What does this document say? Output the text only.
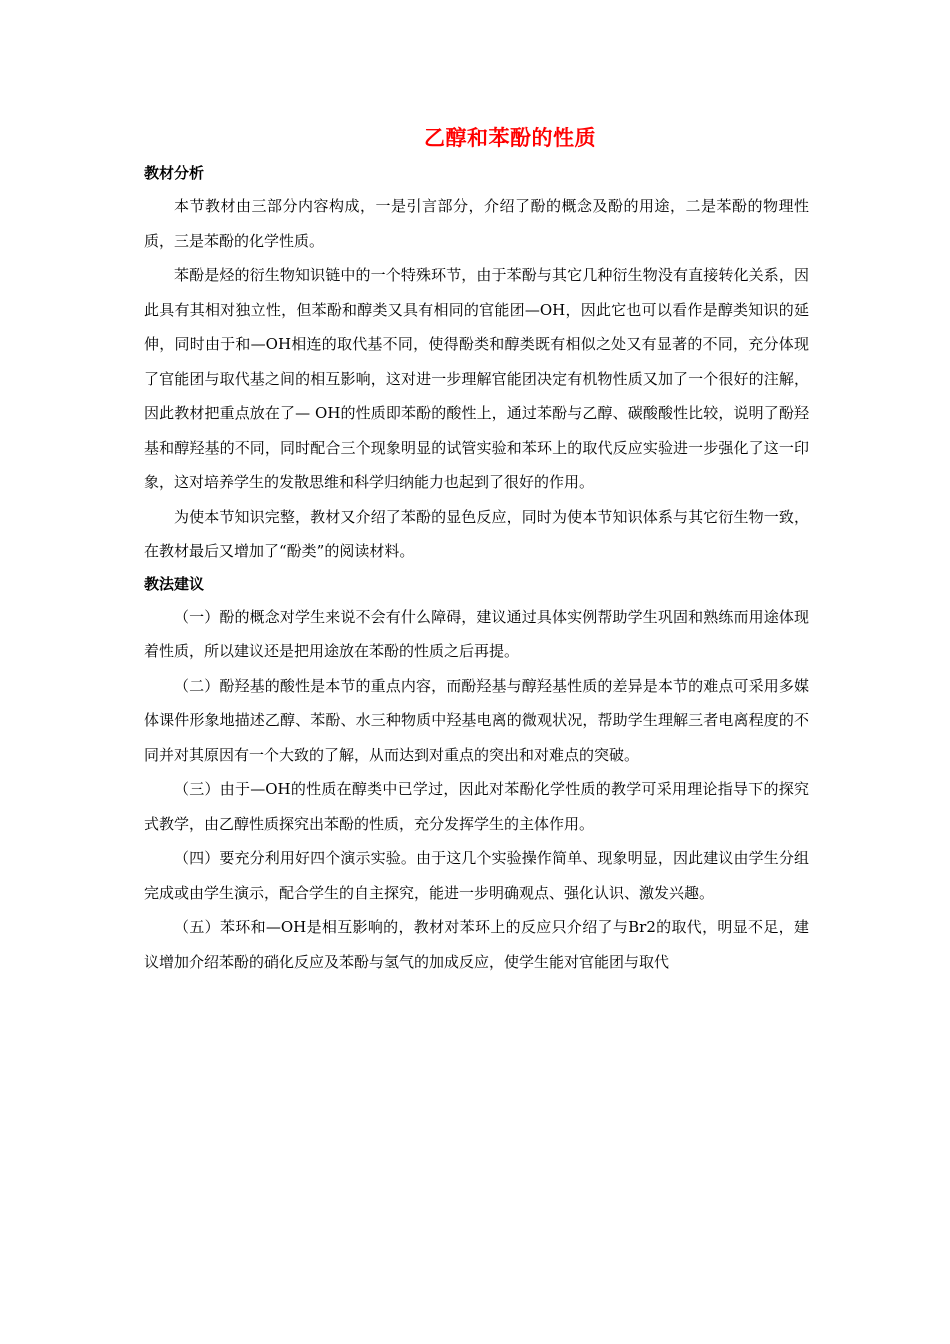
乙醇和苯酚的性质
教材分析

本节教材由三部分内容构成，一是引言部分，介绍了酚的概念及酚的用途，二是苯酚的物理性质，三是苯酚的化学性质。

苯酚是烃的衍生物知识链中的一个特殊环节，由于苯酚与其它几种衍生物没有直接转化关系，因此具有其相对独立性，但苯酚和醇类又具有相同的官能团—OH，因此它也可以看作是醇类知识的延伸，同时由于和—OH相连的取代基不同，使得酚类和醇类既有相似之处又有显著的不同，充分体现了官能团与取代基之间的相互影响，这对进一步理解官能团决定有机物性质又加了一个很好的注解，因此教材把重点放在了— OH的性质即苯酚的酸性上，通过苯酚与乙醇、碳酸酸性比较，说明了酚羟基和醇羟基的不同，同时配合三个现象明显的试管实验和苯环上的取代反应实验进一步强化了这一印象，这对培养学生的发散思维和科学归纳能力也起到了很好的作用。

为使本节知识完整，教材又介绍了苯酚的显色反应，同时为使本节知识体系与其它衍生物一致，在教材最后又增加了“酚类”的阅读材料。

教法建议

（一）酚的概念对学生来说不会有什么障碍，建议通过具体实例帮助学生巩固和熟练而用途体现着性质，所以建议还是把用途放在苯酚的性质之后再提。

（二）酚羟基的酸性是本节的重点内容，而酚羟基与醇羟基性质的差异是本节的难点可采用多媒体课件形象地描述乙醇、苯酚、水三种物质中羟基电离的微观状况，帮助学生理解三者电离程度的不同并对其原因有一个大致的了解，从而达到对重点的突出和对难点的突破。

（三）由于—OH的性质在醇类中已学过，因此对苯酚化学性质的教学可采用理论指导下的探究式教学，由乙醇性质探究出苯酚的性质，充分发挥学生的主体作用。

（四）要充分利用好四个演示实验。由于这几个实验操作简单、现象明显，因此建议由学生分组完成或由学生演示，配合学生的自主探究，能进一步明确观点、强化认识、激发兴趣。

（五）苯环和—OH是相互影响的，教材对苯环上的反应只介绍了与Br2的取代，明显不足，建议增加介绍苯酚的硝化反应及苯酚与氢气的加成反应，使学生能对官能团与取代
